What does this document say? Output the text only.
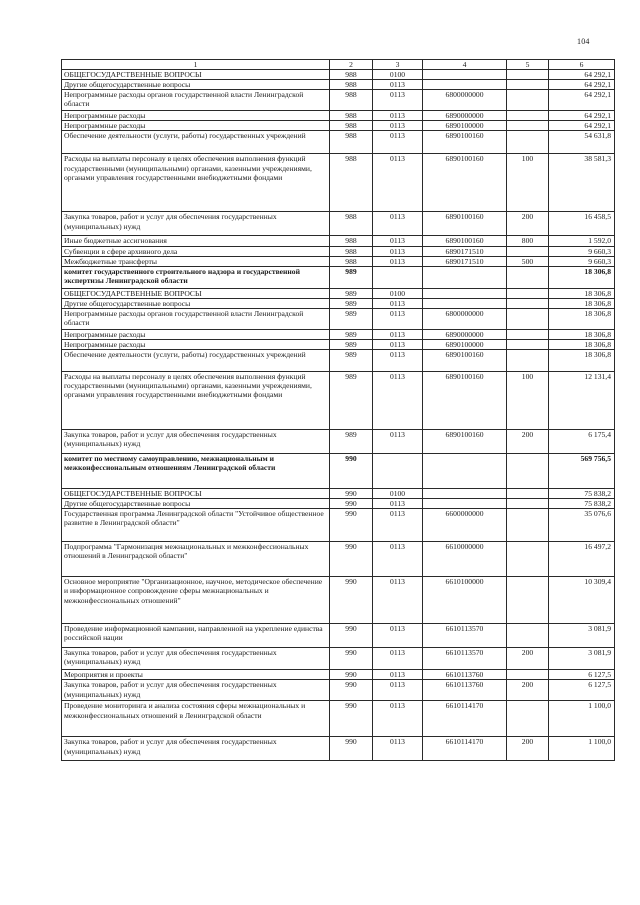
104
1	2	3	4	5	6
ОБЩЕГОСУДАРСТВЕННЫЕ ВОПРОСЫ	988	0100			64 292,1
Другие общегосударственные вопросы	988	0113			64 292,1
Непрограммные расходы органов государственной власти Ленинградской области	988	0113	6800000000		64 292,1
Непрограммные расходы	988	0113	6890000000		64 292,1
Непрограммные расходы	988	0113	6890100000		64 292,1
Обеспечение деятельности (услуги, работы) государственных учреждений	988	0113	6890100160		54 631,8
Расходы на выплаты персоналу в целях обеспечения выполнения функций государственными (муниципальными) органами, казенными учреждениями, органами управления государственными внебюджетными фондами	988	0113	6890100160	100	38 581,3
Закупка товаров, работ и услуг для обеспечения государственных (муниципальных) нужд	988	0113	6890100160	200	16 458,5
Иные бюджетные ассигнования	988	0113	6890100160	800	1 592,0
Субвенции в сфере архивного дела	988	0113	6890171510		9 660,3
Межбюджетные трансферты	988	0113	6890171510	500	9 660,3
комитет государственного строительного надзора и государственной экспертизы Ленинградской области	989				18 306,8
ОБЩЕГОСУДАРСТВЕННЫЕ ВОПРОСЫ	989	0100			18 306,8
Другие общегосударственные вопросы	989	0113			18 306,8
Непрограммные расходы органов государственной власти Ленинградской области	989	0113	6800000000		18 306,8
Непрограммные расходы	989	0113	6890000000		18 306,8
Непрограммные расходы	989	0113	6890100000		18 306,8
Обеспечение деятельности (услуги, работы) государственных учреждений	989	0113	6890100160		18 306,8
Расходы на выплаты персоналу в целях обеспечения выполнения функций государственными (муниципальными) органами, казенными учреждениями, органами управления государственными внебюджетными фондами	989	0113	6890100160	100	12 131,4
Закупка товаров, работ и услуг для обеспечения государственных (муниципальных) нужд	989	0113	6890100160	200	6 175,4
комитет по местному самоуправлению, межнациональным и межконфессиональным отношениям Ленинградской области	990				569 756,5
ОБЩЕГОСУДАРСТВЕННЫЕ ВОПРОСЫ	990	0100			75 838,2
Другие общегосударственные вопросы	990	0113			75 838,2
Государственная программа Ленинградской области "Устойчивое общественное развитие в Ленинградской области"	990	0113	6600000000		35 076,6
Подпрограмма "Гармонизация межнациональных и межконфессиональных отношений в Ленинградской области"	990	0113	6610000000		16 497,2
Основное мероприятие "Организационное, научное, методическое обеспечение и информационное сопровождение сферы межнациональных и межконфессиональных отношений"	990	0113	6610100000		10 309,4
Проведение информационной кампании, направленной на укрепление единства российской нации	990	0113	6610113570		3 081,9
Закупка товаров, работ и услуг для обеспечения государственных (муниципальных) нужд	990	0113	6610113570	200	3 081,9
Мероприятия и проекты	990	0113	6610113760		6 127,5
Закупка товаров, работ и услуг для обеспечения государственных (муниципальных) нужд	990	0113	6610113760	200	6 127,5
Проведение мониторинга и анализа состояния сферы межнациональных и межконфессиональных отношений в Ленинградской области	990	0113	6610114170		1 100,0
Закупка товаров, работ и услуг для обеспечения государственных (муниципальных) нужд	990	0113	6610114170	200	1 100,0
